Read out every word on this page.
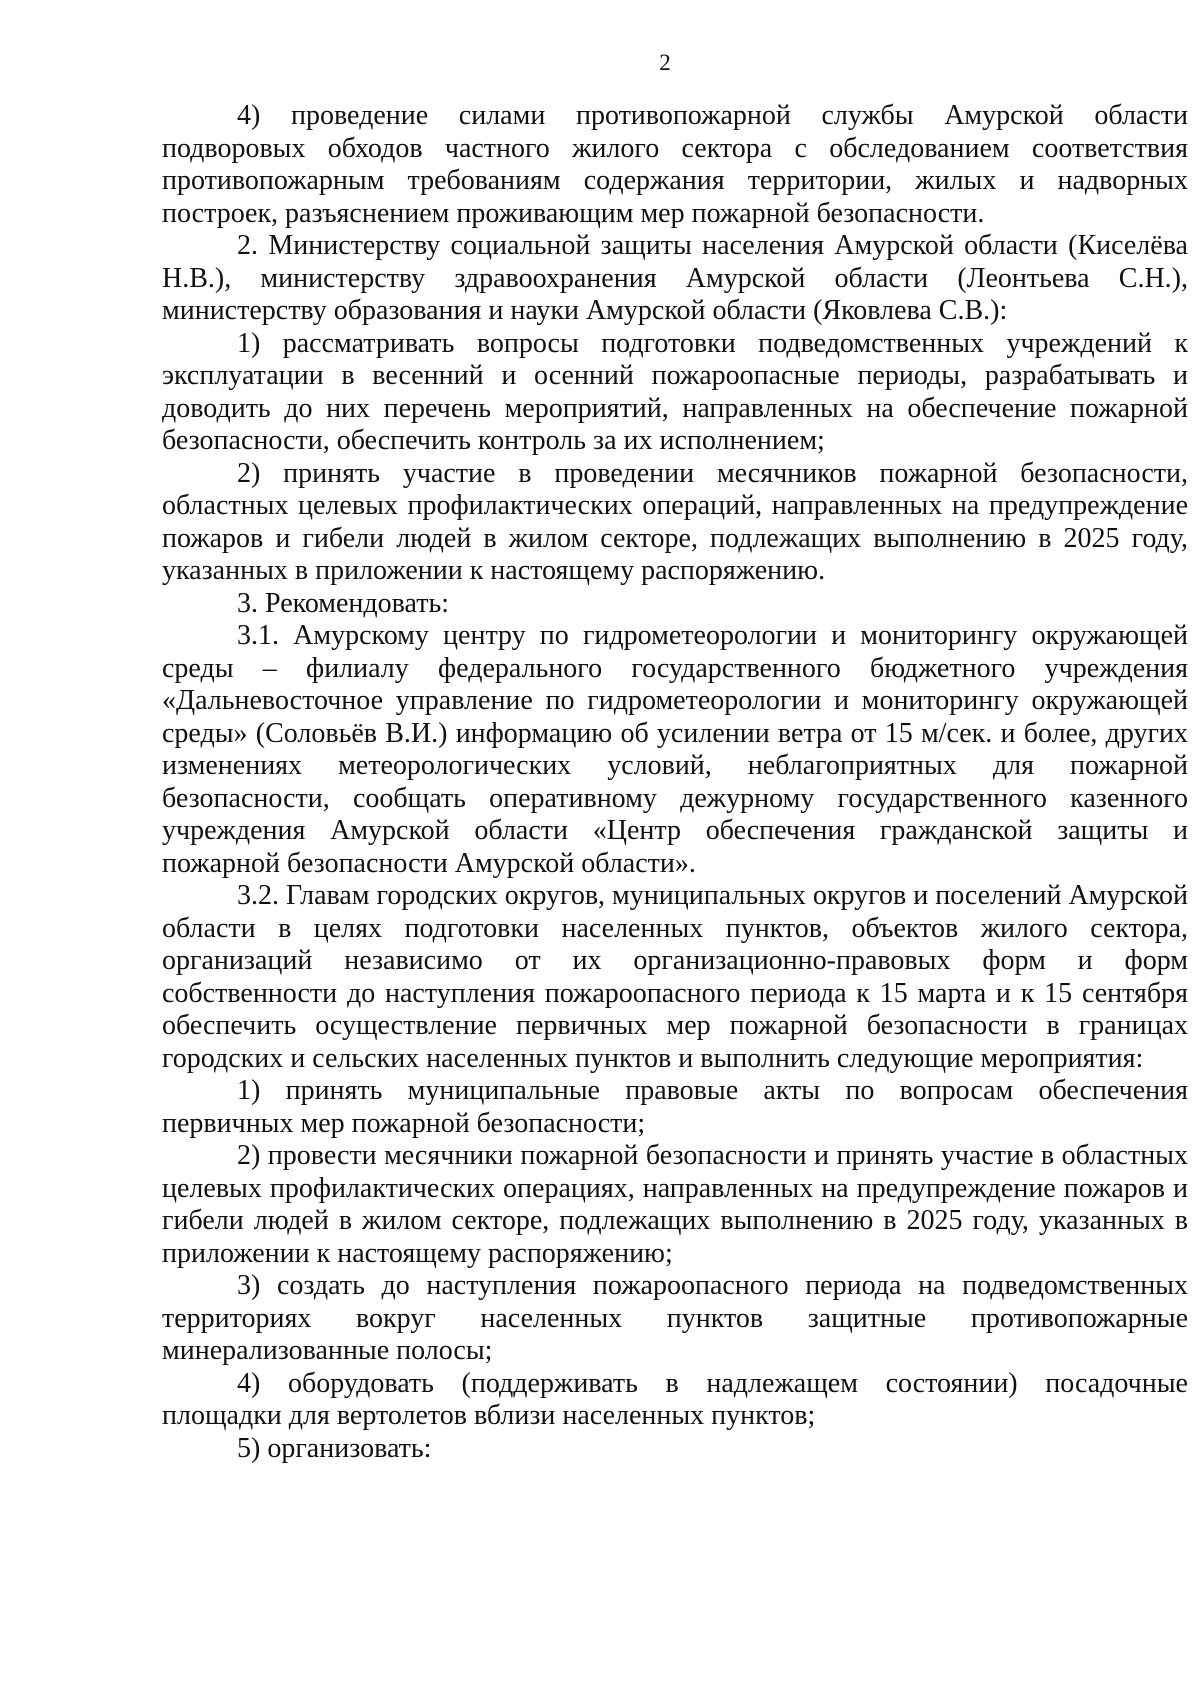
2

4) проведение силами противопожарной службы Амурской области подворовых обходов частного жилого сектора с обследованием соответствия противопожарным требованиям содержания территории, жилых и надворных построек, разъяснением проживающим мер пожарной безопасности.

2. Министерству социальной защиты населения Амурской области (Киселёва Н.В.), министерству здравоохранения Амурской области (Леонтьева С.Н.), министерству образования и науки Амурской области (Яковлева С.В.):

1) рассматривать вопросы подготовки подведомственных учреждений к эксплуатации в весенний и осенний пожароопасные периоды, разрабатывать и доводить до них перечень мероприятий, направленных на обеспечение пожарной безопасности, обеспечить контроль за их исполнением;

2) принять участие в проведении месячников пожарной безопасности, областных целевых профилактических операций, направленных на предупреждение пожаров и гибели людей в жилом секторе, подлежащих выполнению в 2025 году, указанных в приложении к настоящему распоряжению.

3. Рекомендовать:

3.1. Амурскому центру по гидрометеорологии и мониторингу окружающей среды – филиалу федерального государственного бюджетного учреждения «Дальневосточное управление по гидрометеорологии и мониторингу окружающей среды» (Соловьёв В.И.) информацию об усилении ветра от 15 м/сек. и более, других изменениях метеорологических условий, неблагоприятных для пожарной безопасности, сообщать оперативному дежурному государственного казенного учреждения Амурской области «Центр обеспечения гражданской защиты и пожарной безопасности Амурской области».

3.2. Главам городских округов, муниципальных округов и поселений Амурской области в целях подготовки населенных пунктов, объектов жилого сектора, организаций независимо от их организационно-правовых форм и форм собственности до наступления пожароопасного периода к 15 марта и к 15 сентября обеспечить осуществление первичных мер пожарной безопасности в границах городских и сельских населенных пунктов и выполнить следующие мероприятия:

1) принять муниципальные правовые акты по вопросам обеспечения первичных мер пожарной безопасности;

2) провести месячники пожарной безопасности и принять участие в областных целевых профилактических операциях, направленных на предупреждение пожаров и гибели людей в жилом секторе, подлежащих выполнению в 2025 году, указанных в приложении к настоящему распоряжению;

3) создать до наступления пожароопасного периода на подведомственных территориях вокруг населенных пунктов защитные противопожарные минерализованные полосы;

4) оборудовать (поддерживать в надлежащем состоянии) посадочные площадки для вертолетов вблизи населенных пунктов;

5) организовать:
